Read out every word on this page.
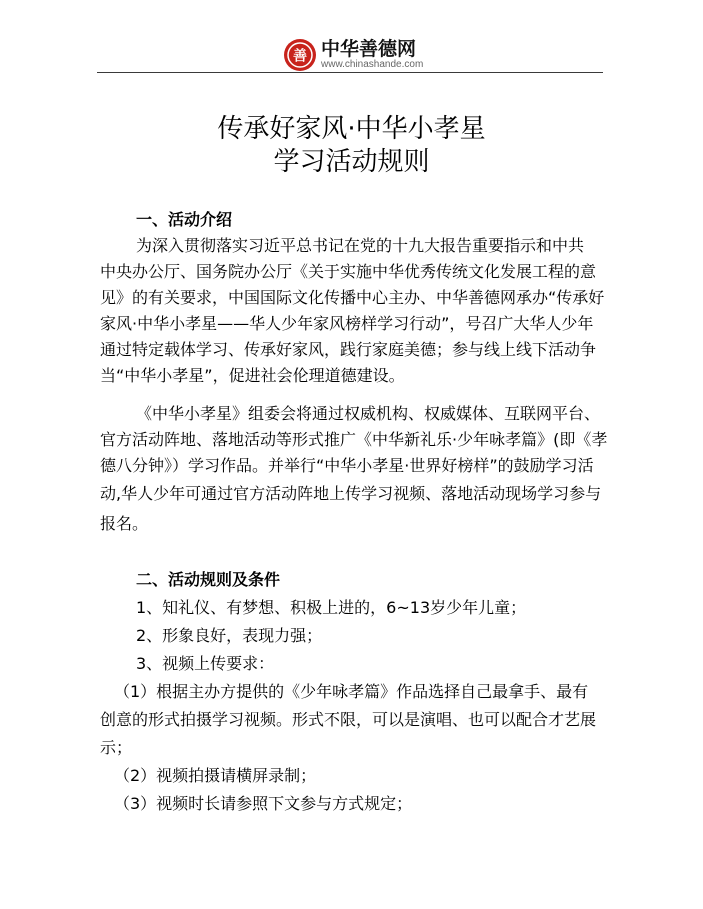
善 中华善德网
www.chinashande.com
传承好家风·中华小孝星
学习活动规则
一、活动介绍
为深入贯彻落实习近平总书记在党的十九大报告重要指示和中共
中央办公厅、国务院办公厅《关于实施中华优秀传统文化发展工程的意
见》的有关要求，中国国际文化传播中心主办、中华善德网承办“传承好
家风·中华小孝星——华人少年家风榜样学习行动”，号召广大华人少年
通过特定载体学习、传承好家风，践行家庭美德；参与线上线下活动争
当“中华小孝星”，促进社会伦理道德建设。
《中华小孝星》组委会将通过权威机构、权威媒体、互联网平台、
官方活动阵地、落地活动等形式推广《中华新礼乐·少年咏孝篇》(即《孝
德八分钟》）学习作品。并举行“中华小孝星·世界好榜样”的鼓励学习活
动,华人少年可通过官方活动阵地上传学习视频、落地活动现场学习参与
报名。
二、活动规则及条件
1、知礼仪、有梦想、积极上进的，6~13岁少年儿童；
2、形象良好，表现力强；
3、视频上传要求：
（1）根据主办方提供的《少年咏孝篇》作品选择自己最拿手、最有
创意的形式拍摄学习视频。形式不限，可以是演唱、也可以配合才艺展
示；
（2）视频拍摄请横屏录制；
（3）视频时长请参照下文参与方式规定；
